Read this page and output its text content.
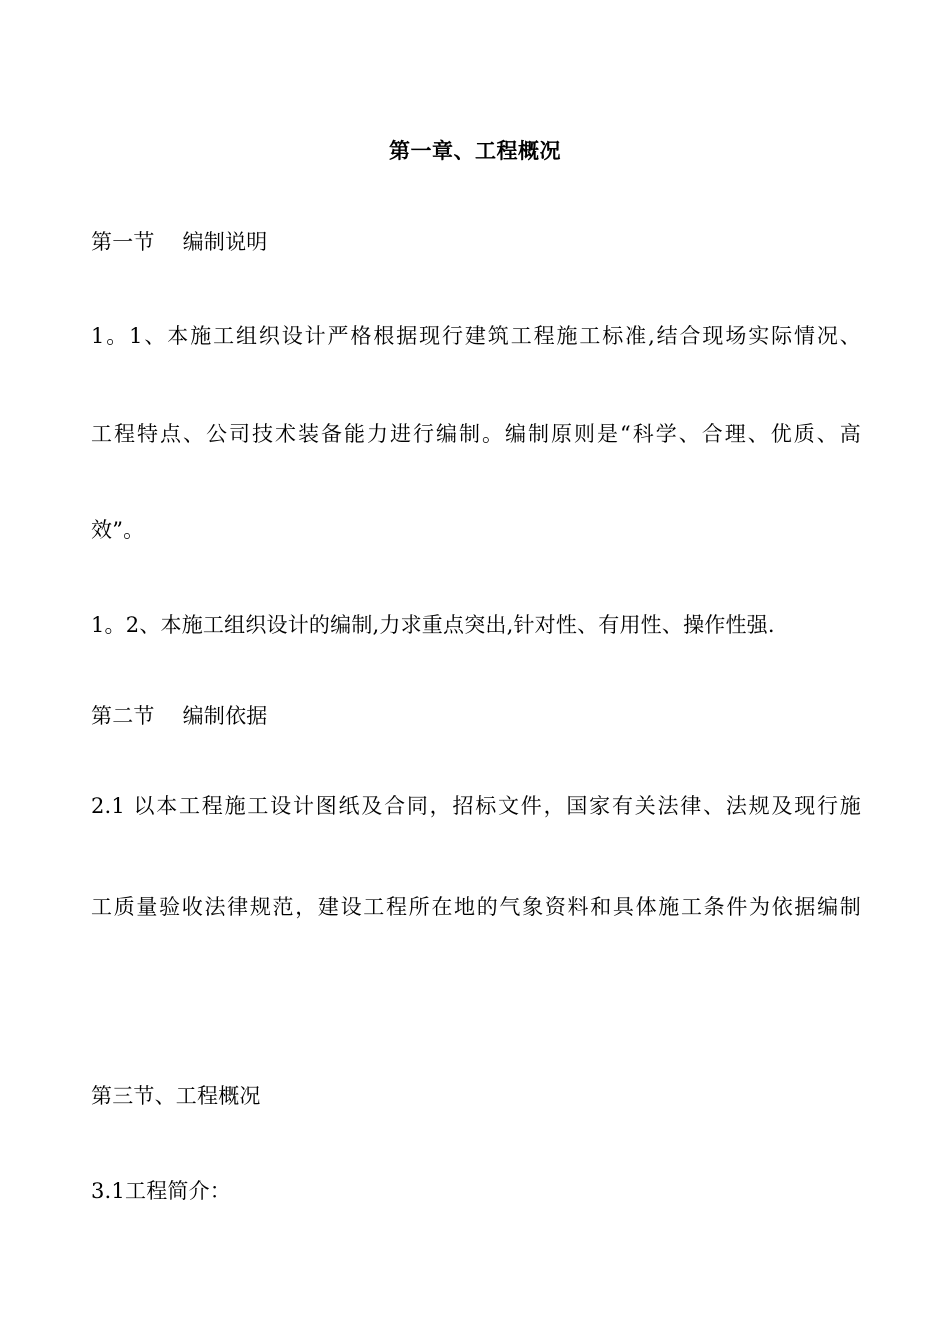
第一章、工程概况
第一节　 编制说明
1。1、本施工组织设计严格根据现行建筑工程施工标准,结合现场实际情况、
工程特点、公司技术装备能力进行编制。编制原则是“科学、合理、优质、高
效”。
1。2、本施工组织设计的编制,力求重点突出,针对性、有用性、操作性强.
第二节　 编制依据
2.1 以本工程施工设计图纸及合同，招标文件，国家有关法律、法规及现行施
工质量验收法律规范，建设工程所在地的气象资料和具体施工条件为依据编制
第三节、工程概况
3.1工程简介：
